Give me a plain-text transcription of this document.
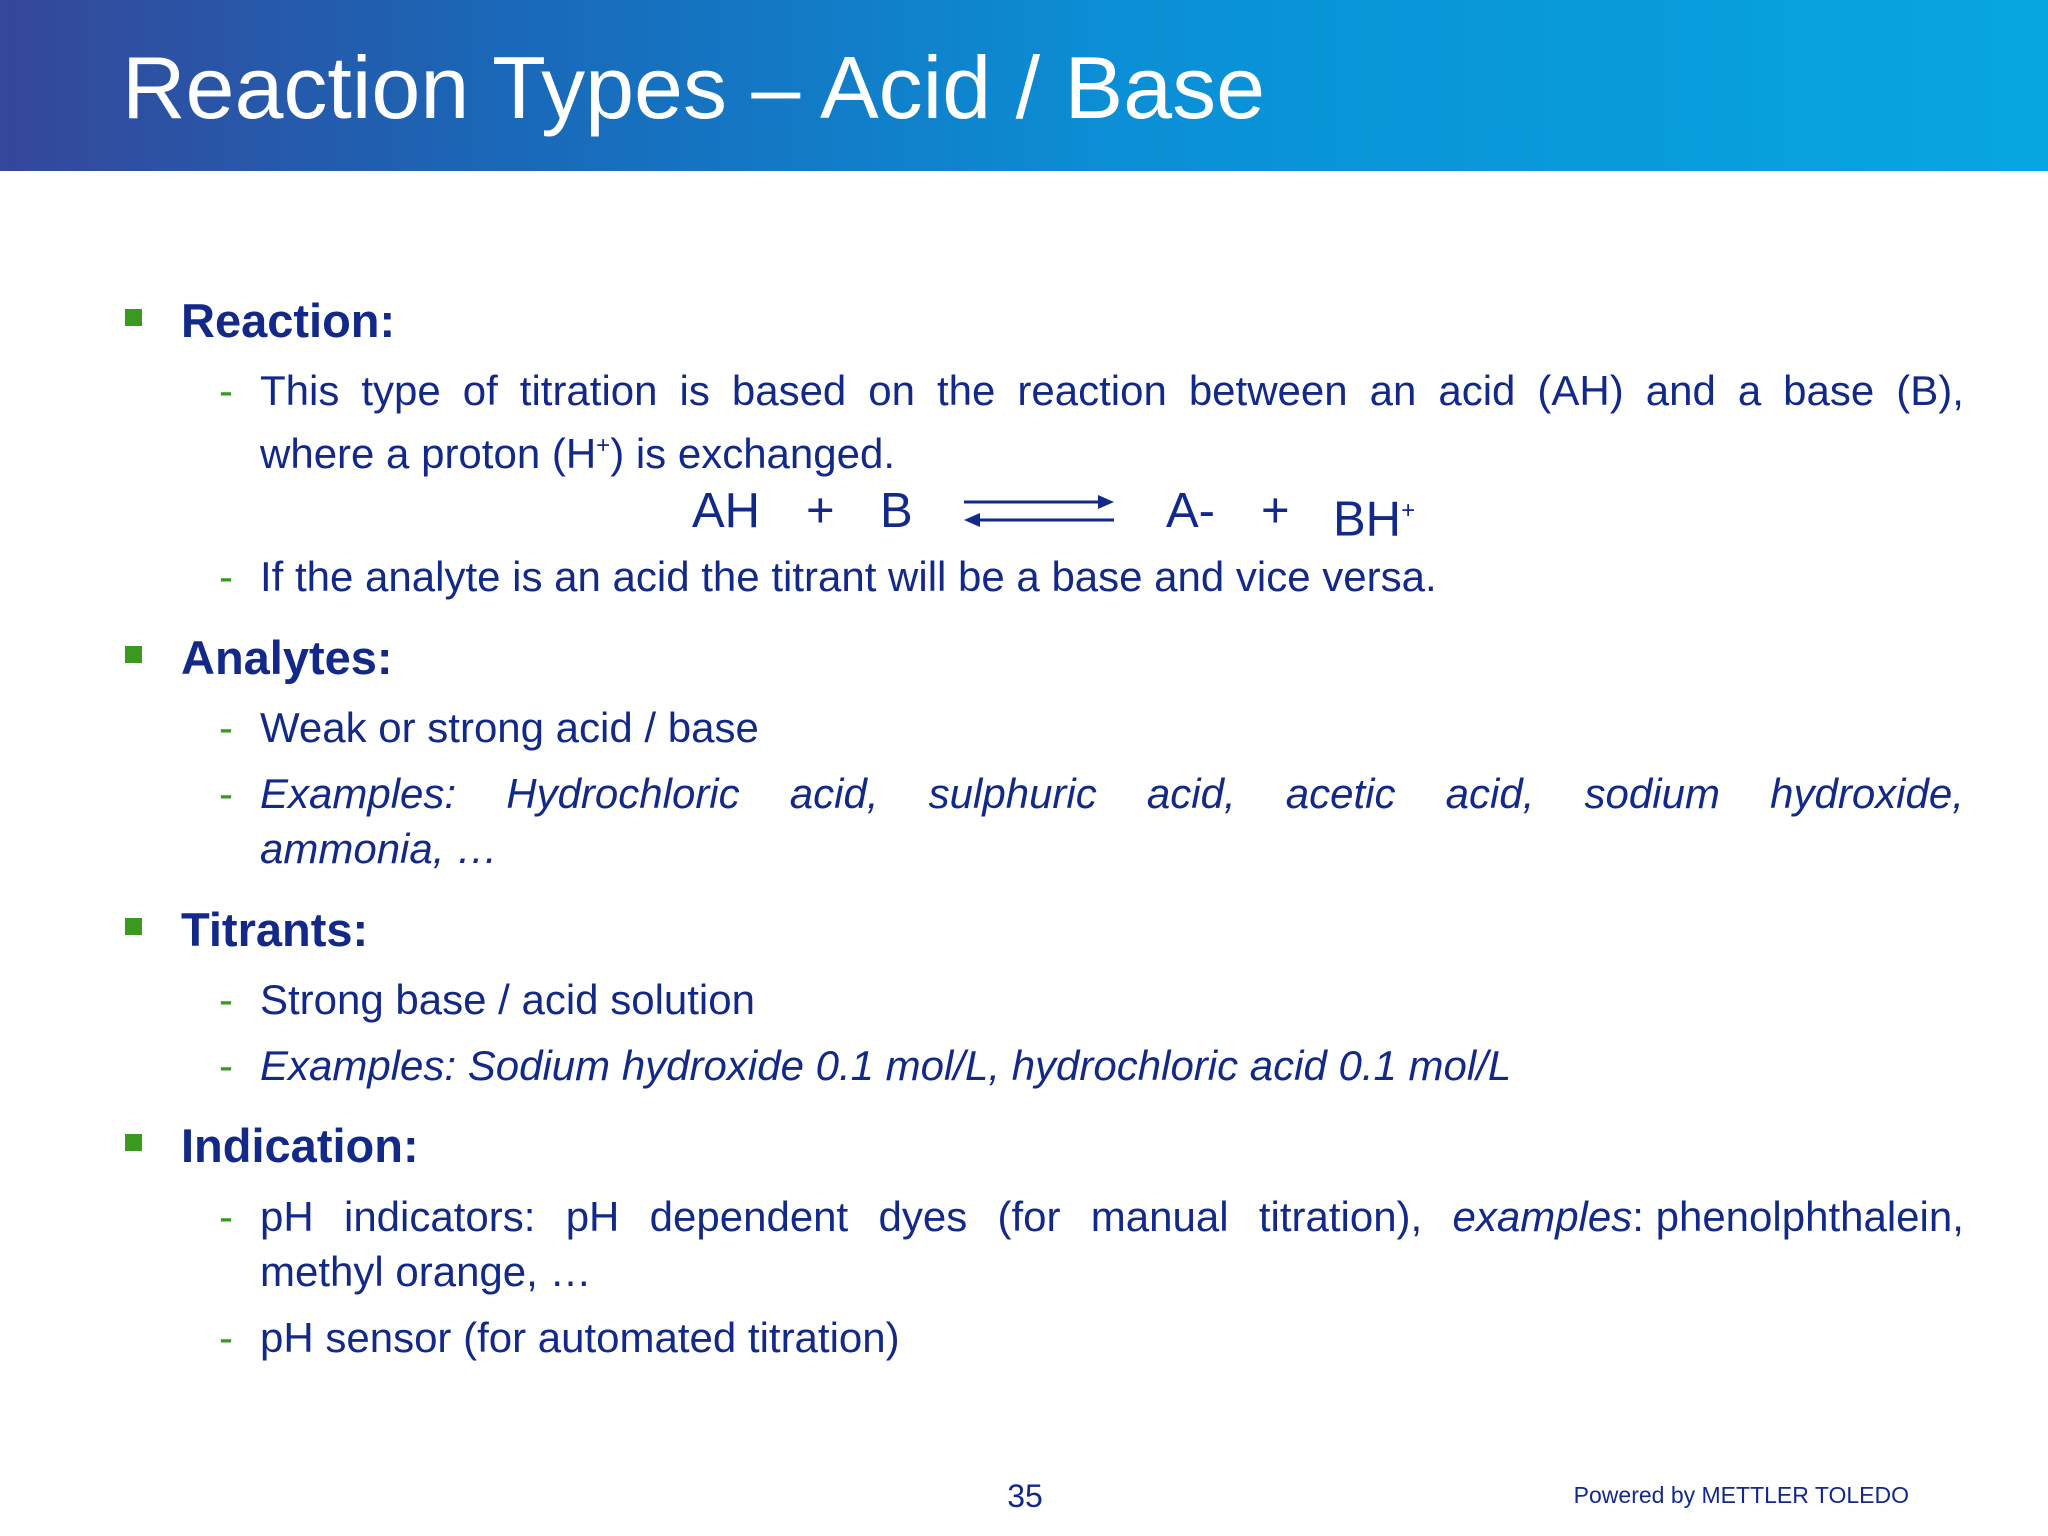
Reaction Types – Acid / Base
Reaction:
- This type of titration is based on the reaction between an acid (AH) and a base (B),
where a proton (H+) is exchanged.
AH + B	A- + BH+
- If the analyte is an acid the titrant will be a base and vice versa.
Analytes:
- Weak or strong acid / base
- Examples: Hydrochloric acid, sulphuric acid, acetic acid, sodium hydroxide,
ammonia, …
Titrants:
- Strong base / acid solution
- Examples: Sodium hydroxide 0.1 mol/L, hydrochloric acid 0.1 mol/L
Indication:
- pH indicators: pH dependent dyes (for manual titration), examples: phenolphthalein,
methyl orange, …
- pH sensor (for automated titration)
35	Powered by METTLER TOLEDO
